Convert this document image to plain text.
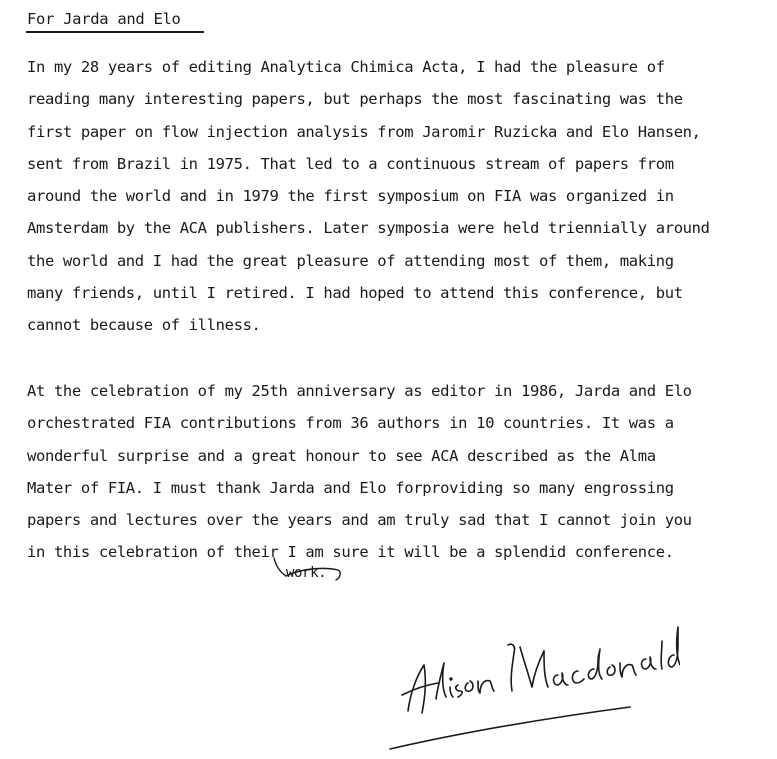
For Jarda and Elo
In my 28 years of editing Analytica Chimica Acta, I had the pleasure of
reading many interesting papers, but perhaps the most fascinating was the
first paper on flow injection analysis from Jaromir Ruzicka and Elo Hansen,
sent from Brazil in 1975. That led to a continuous stream of papers from
around the world and in 1979 the first symposium on FIA was organized in
Amsterdam by the ACA publishers. Later symposia were held triennially around
the world and I had the great pleasure of attending most of them, making
many friends, until I retired. I had hoped to attend this conference, but
cannot because of illness.
At the celebration of my 25th anniversary as editor in 1986, Jarda and Elo
orchestrated FIA contributions from 36 authors in 10 countries. It was a
wonderful surprise and a great honour to see ACA described as the Alma
Mater of FIA. I must thank Jarda and Elo forproviding so many engrossing
papers and lectures over the years and am truly sad that I cannot join you
in this celebration of their I am sure it will be a splendid conference.
work.
